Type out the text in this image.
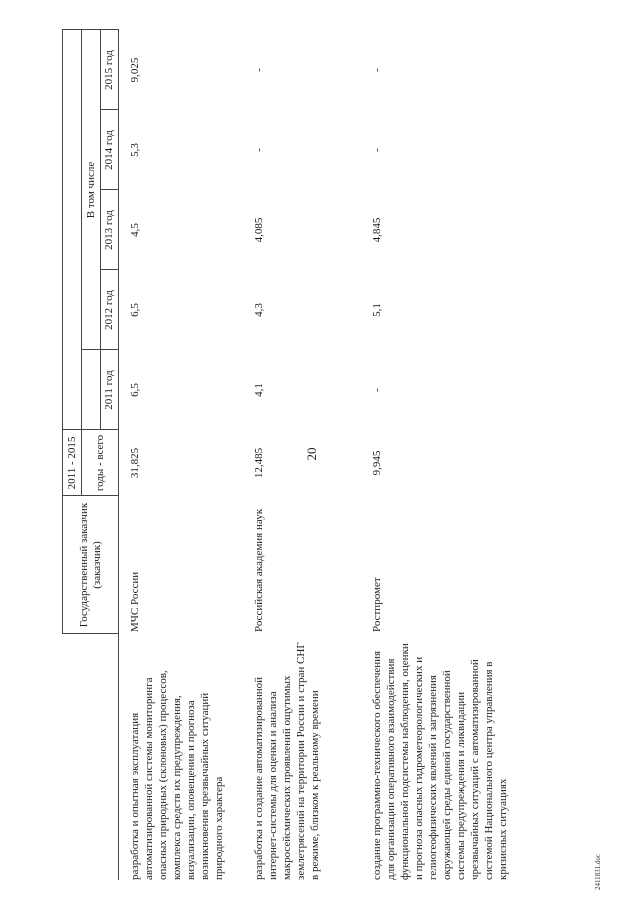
20
	Государственный заказчик (заказчик)	2011 - 2015					
		годы - всего		В том числе			
			2011 год	2012 год	2013 год	2014 год	2015 год
разработка и опытная эксплуатация автоматизированной системы мониторинга опасных природных (склоновых) процессов, комплекса средств их предупреждения, визуализации, оповещения и прогноза возникновения чрезвычайных ситуаций природного характера	МЧС России	31,825	6,5	6,5	4,5	5,3	9,025
разработка и создание автоматизированной интернет-системы для оценки и анализа макросейсмических проявлений ощутимых землетрясений на территории России и стран СНГ в режиме, близком к реальному времени	Российская академия наук	12,485	4,1	4,3	4,085	-	-
создание программно-технического обеспечения для организации оперативного взаимодействия функциональной подсистемы наблюдения, оценки и прогноза опасных гидрометеорологических и гелиогеофизических явлений и загрязнения окружающей среды единой государственной системы предупреждения и ликвидации чрезвычайных ситуаций с автоматизированной системой Национального центра управления в кризисных ситуациях	Ростпромет	9,945	-	5,1	4,845	-	-
2411831.doc
